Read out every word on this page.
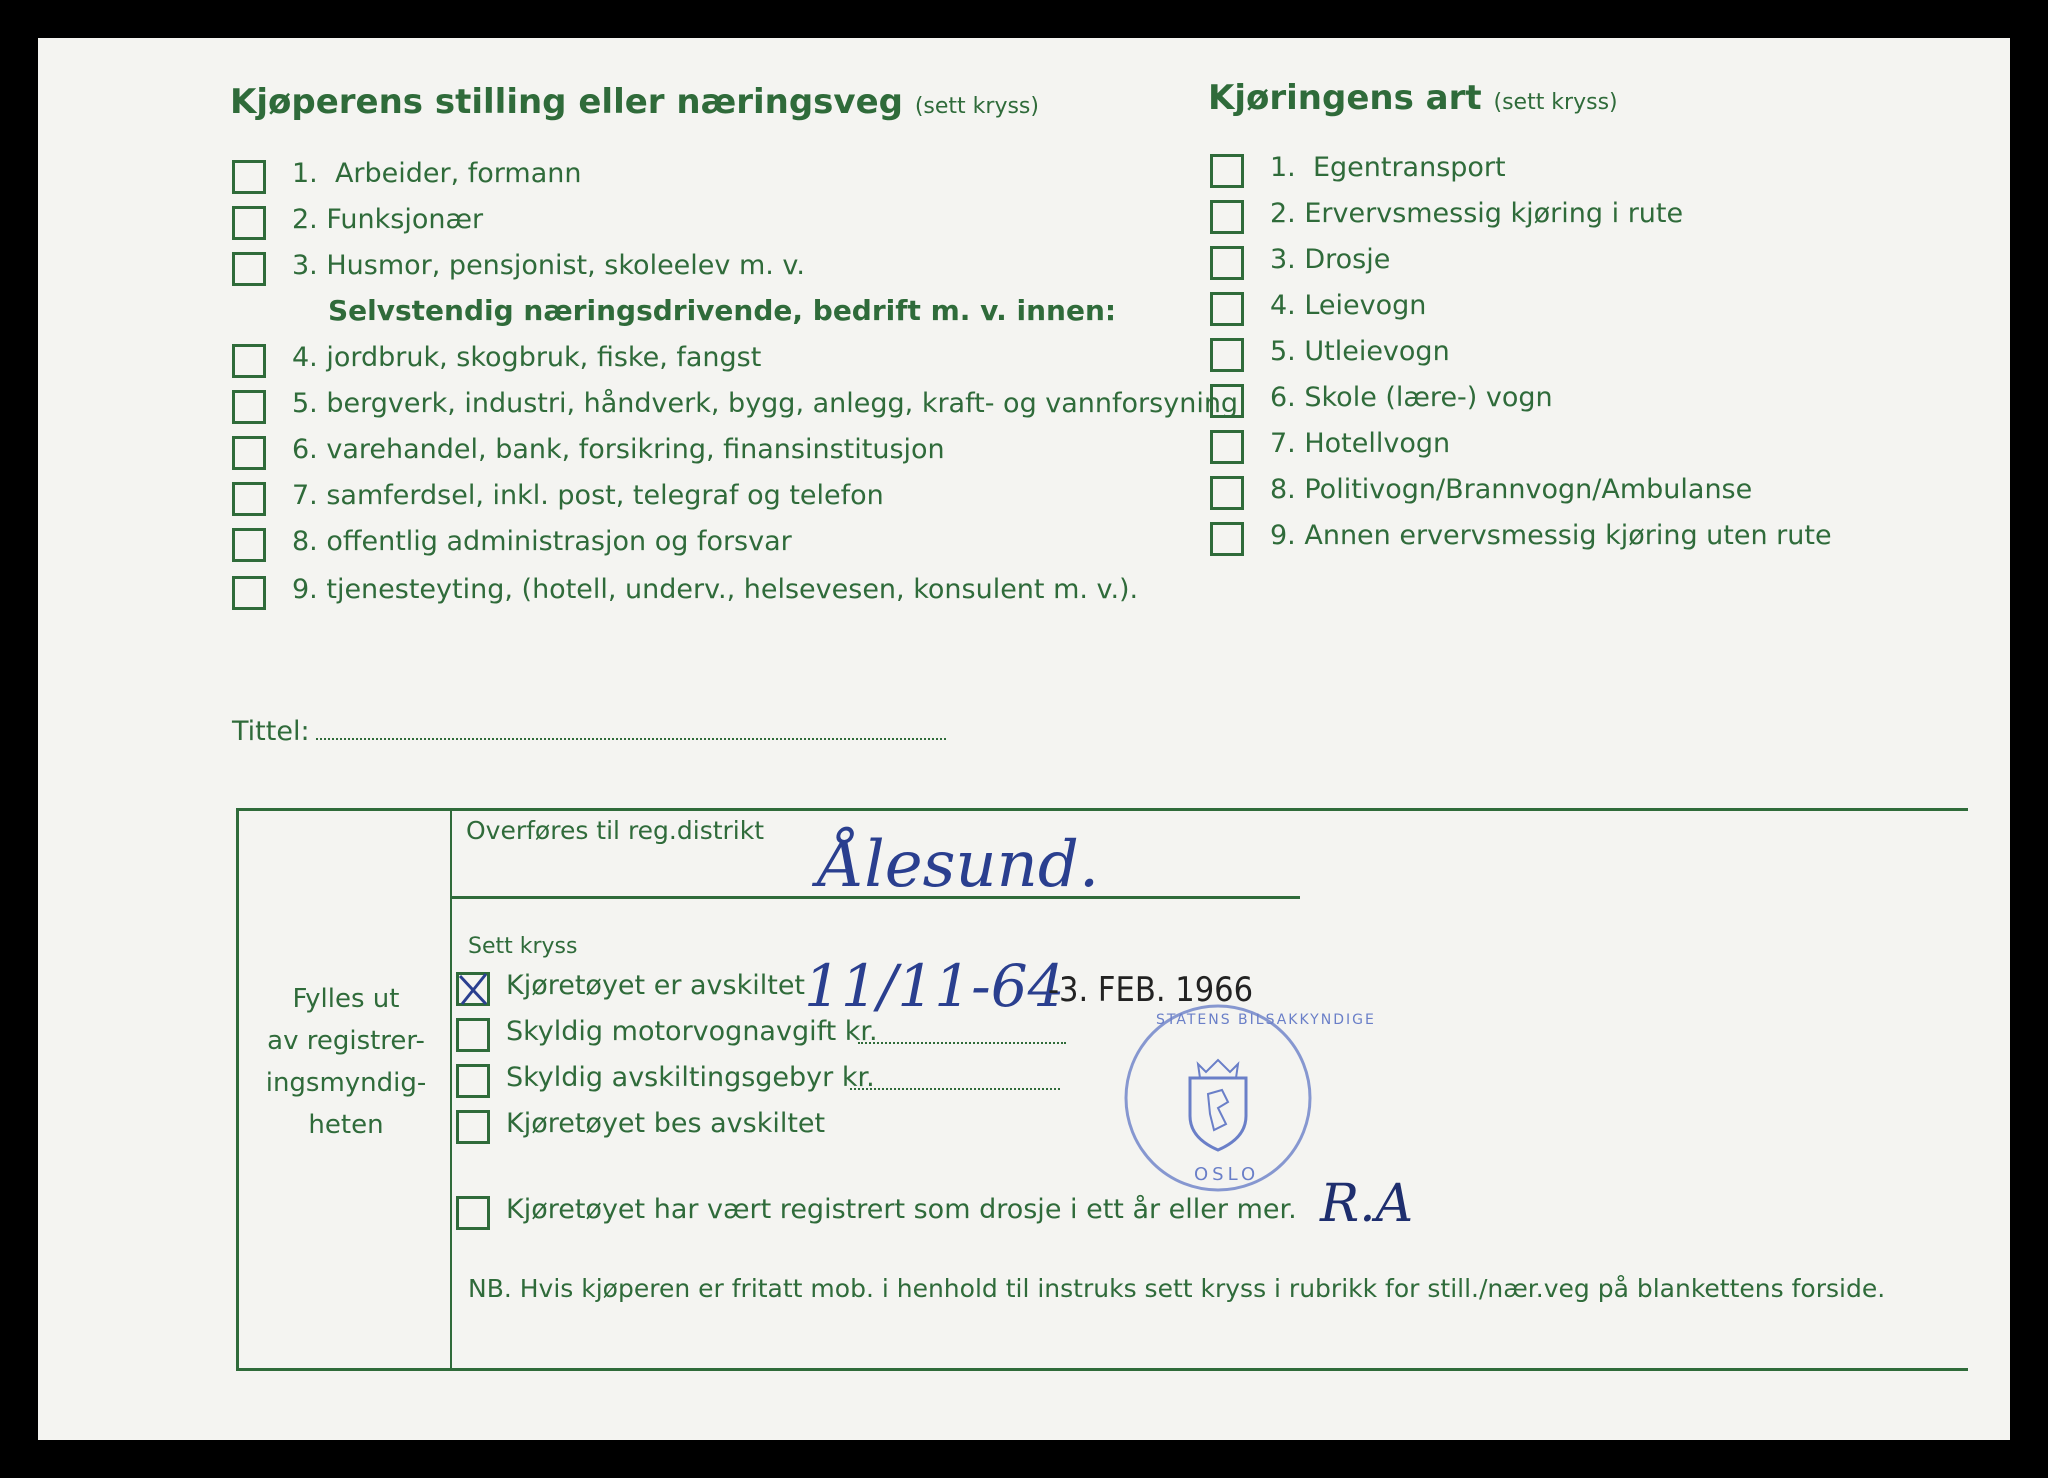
Kjøperens stilling eller næringsveg (sett kryss)
1. Arbeider, formann
2. Funksjonær
3. Husmor, pensjonist, skoleelev m. v.
Selvstendig næringsdrivende, bedrift m. v. innen:
4. jordbruk, skogbruk, fiske, fangst
5. bergverk, industri, håndverk, bygg, anlegg, kraft- og vannforsyning
6. varehandel, bank, forsikring, finansinstitusjon
7. samferdsel, inkl. post, telegraf og telefon
8. offentlig administrasjon og forsvar
9. tjenesteyting, (hotell, underv., helsevesen, konsulent m. v.).
Kjøringens art (sett kryss)
1. Egentransport
2. Ervervsmessig kjøring i rute
3. Drosje
4. Leievogn
5. Utleievogn
6. Skole (lære-) vogn
7. Hotellvogn
8. Politivogn/Brannvogn/Ambulanse
9. Annen ervervsmessig kjøring uten rute
Tittel:
Fylles ut
av registrer-
ingsmyndig-
heten
Overføres til reg.distrikt Ålesund.
Sett kryss
Kjøretøyet er avskiltet
Skyldig motorvognavgift kr.
Skyldig avskiltingsgebyr kr.
Kjøretøyet bes avskiltet
Kjøretøyet har vært registrert som drosje i ett år eller mer.
11/11-64
-3. FEB. 1966
STATENS BILSAKKYNDIGE
OSLO R.A
NB. Hvis kjøperen er fritatt mob. i henhold til instruks sett kryss i rubrikk for still./nær.veg på blankettens forside.
